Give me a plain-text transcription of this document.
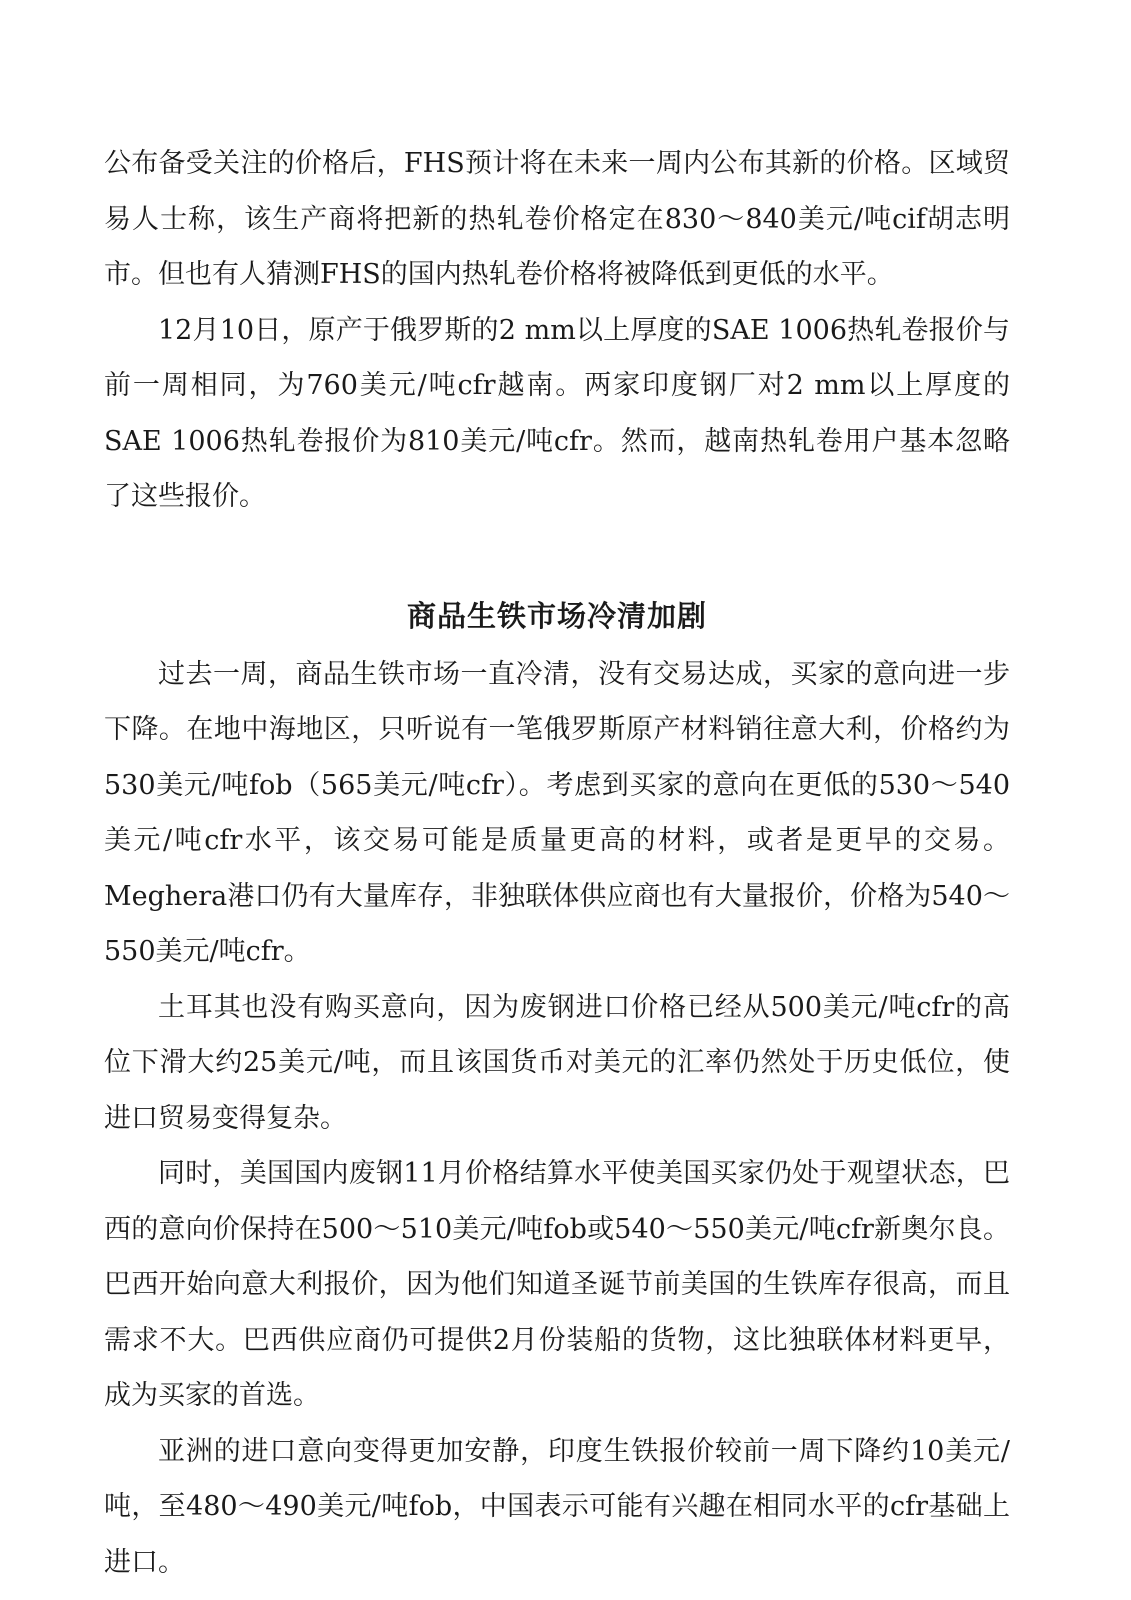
公布备受关注的价格后，FHS预计将在未来一周内公布其新的价格。区域贸易人士称，该生产商将把新的热轧卷价格定在830～840美元/吨cif胡志明市。但也有人猜测FHS的国内热轧卷价格将被降低到更低的水平。

12月10日，原产于俄罗斯的2 mm以上厚度的SAE 1006热轧卷报价与前一周相同，为760美元/吨cfr越南。两家印度钢厂对2 mm以上厚度的SAE 1006热轧卷报价为810美元/吨cfr。然而，越南热轧卷用户基本忽略了这些报价。

商品生铁市场冷清加剧

过去一周，商品生铁市场一直冷清，没有交易达成，买家的意向进一步下降。在地中海地区，只听说有一笔俄罗斯原产材料销往意大利，价格约为530美元/吨fob（565美元/吨cfr）。考虑到买家的意向在更低的530～540美元/吨cfr水平，该交易可能是质量更高的材料，或者是更早的交易。Meghera港口仍有大量库存，非独联体供应商也有大量报价，价格为540～550美元/吨cfr。

土耳其也没有购买意向，因为废钢进口价格已经从500美元/吨cfr的高位下滑大约25美元/吨，而且该国货币对美元的汇率仍然处于历史低位，使进口贸易变得复杂。

同时，美国国内废钢11月价格结算水平使美国买家仍处于观望状态，巴西的意向价保持在500～510美元/吨fob或540～550美元/吨cfr新奥尔良。巴西开始向意大利报价，因为他们知道圣诞节前美国的生铁库存很高，而且需求不大。巴西供应商仍可提供2月份装船的货物，这比独联体材料更早，成为买家的首选。

亚洲的进口意向变得更加安静，印度生铁报价较前一周下降约10美元/吨，至480～490美元/吨fob，中国表示可能有兴趣在相同水平的cfr基础上进口。
